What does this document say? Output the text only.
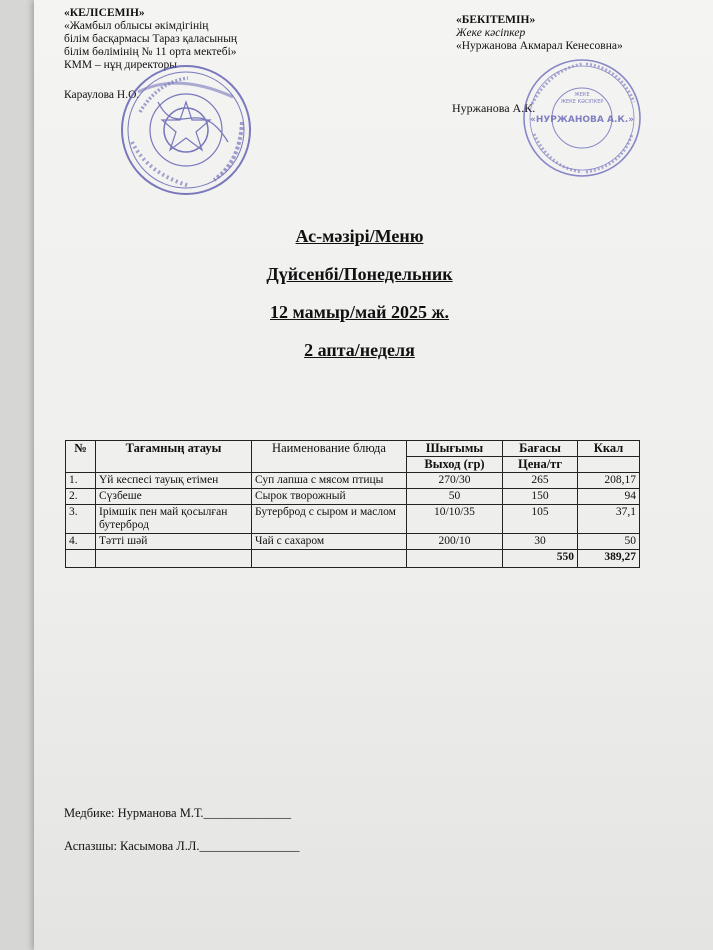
«КЕЛІСЕМІН»
«Жамбыл облысы әкімдігінің
білім басқармасы Тараз қаласының
білім бөлімінің № 11 орта мектебі»
КММ – нұң директоры
Караулова Н.О.
«БЕКІТЕМІН»
Жеке кәсіпкер
«Нуржанова Акмарал Кенесовна»
Нуржанова А.К.
ЖЕКЕ
ЖЕКЕ КӘСІПКЕР
«НУРЖАНОВА А.К.»
Ас-мәзірі/Меню
Дүйсенбі/Понедельник
12 мамыр/май 2025 ж.
2 апта/неделя
№	Тағамның атауы	Наименование блюда	Шығымы	Бағасы	Ккал
			Выход (гр)	Цена/тг	
1.	Үй кеспесі тауық етімен	Суп лапша с мясом птицы	270/30	265	208,17
2.	Сүзбеше	Сырок творожный	50	150	94
3.	Ірімшік пен май қосылған бутерброд	Бутерброд с сыром и маслом	10/10/35	105	37,1
4.	Тәтті шәй	Чай с сахаром	200/10	30	50
				550	389,27
Медбике: Нурманова М.Т.______________
Аспазшы: Касымова Л.Л.________________
